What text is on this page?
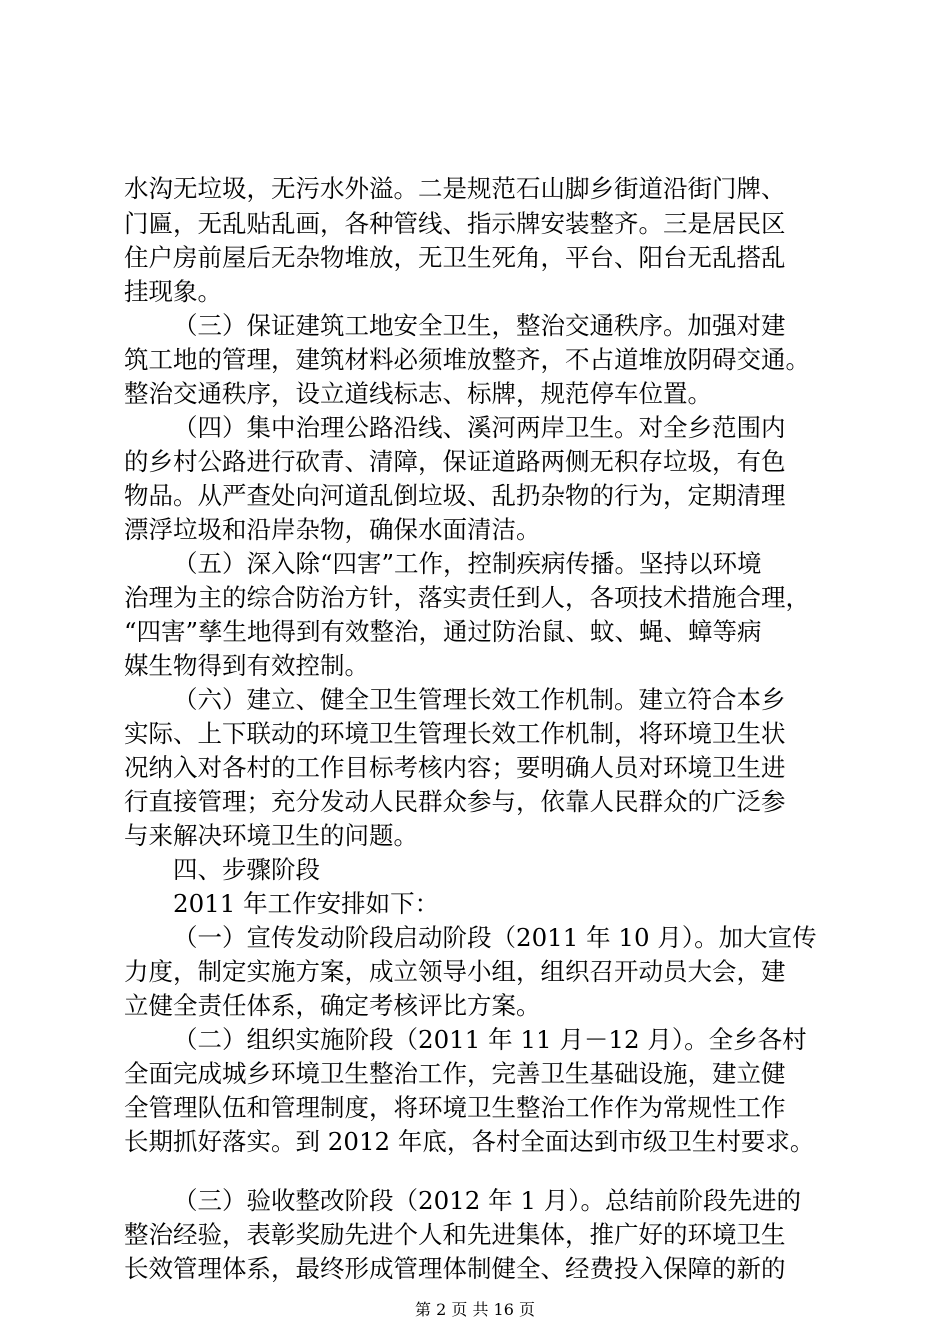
水沟无垃圾，无污水外溢。二是规范石山脚乡街道沿街门牌、
门匾，无乱贴乱画，各种管线、指示牌安装整齐。三是居民区
住户房前屋后无杂物堆放，无卫生死角，平台、阳台无乱搭乱
挂现象。
（三）保证建筑工地安全卫生，整治交通秩序。加强对建
筑工地的管理，建筑材料必须堆放整齐，不占道堆放阴碍交通。
整治交通秩序，设立道线标志、标牌，规范停车位置。
（四）集中治理公路沿线、溪河两岸卫生。对全乡范围内
的乡村公路进行砍青、清障，保证道路两侧无积存垃圾，有色
物品。从严查处向河道乱倒垃圾、乱扔杂物的行为，定期清理
漂浮垃圾和沿岸杂物，确保水面清洁。
（五）深入除“四害”工作，控制疾病传播。坚持以环境
治理为主的综合防治方针，落实责任到人，各项技术措施合理，
“四害”孳生地得到有效整治，通过防治鼠、蚊、蝇、蟑等病
媒生物得到有效控制。
（六）建立、健全卫生管理长效工作机制。建立符合本乡
实际、上下联动的环境卫生管理长效工作机制，将环境卫生状
况纳入对各村的工作目标考核内容；要明确人员对环境卫生进
行直接管理；充分发动人民群众参与，依靠人民群众的广泛参
与来解决环境卫生的问题。
四、步骤阶段
2011 年工作安排如下：
（一）宣传发动阶段启动阶段（2011 年 10 月）。加大宣传
力度，制定实施方案，成立领导小组，组织召开动员大会，建
立健全责任体系，确定考核评比方案。
（二）组织实施阶段（2011 年 11 月－12 月）。全乡各村
全面完成城乡环境卫生整治工作，完善卫生基础设施，建立健
全管理队伍和管理制度，将环境卫生整治工作作为常规性工作
长期抓好落实。到 2012 年底，各村全面达到市级卫生村要求。
（三）验收整改阶段（2012 年 1 月）。总结前阶段先进的
整治经验，表彰奖励先进个人和先进集体，推广好的环境卫生
长效管理体系，最终形成管理体制健全、经费投入保障的新的
第 2 页 共 16 页
